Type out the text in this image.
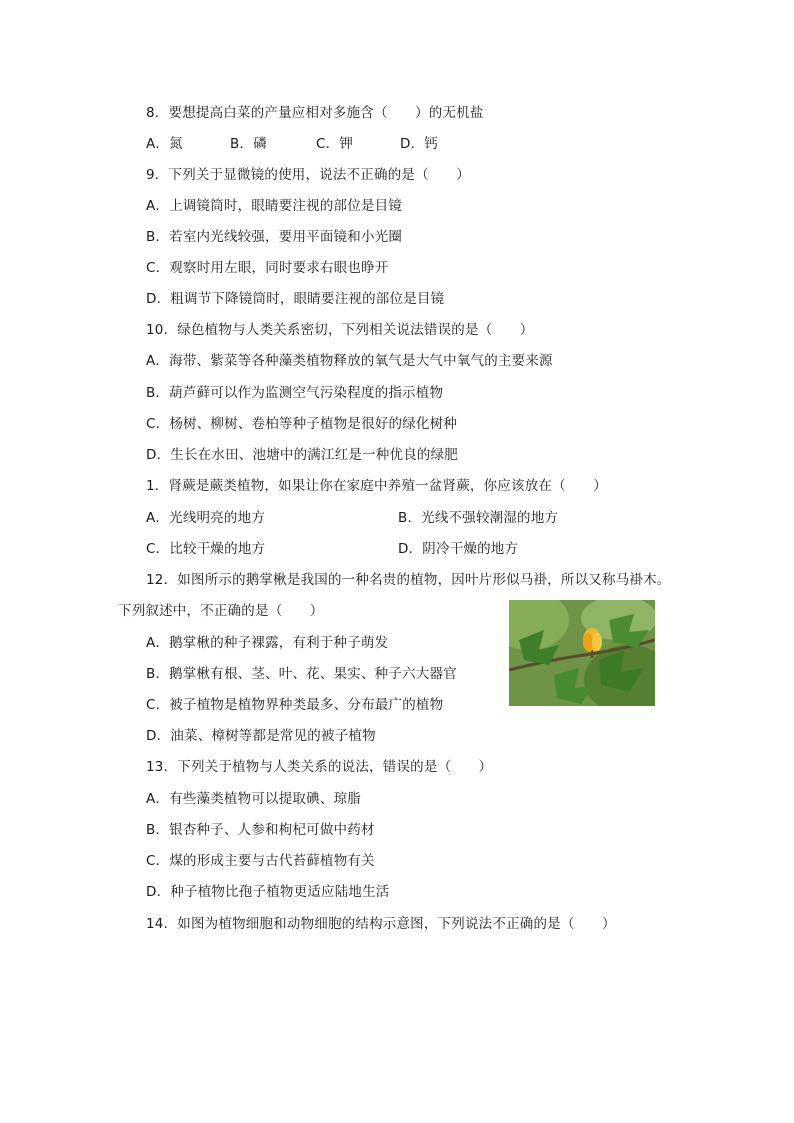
8．要想提高白菜的产量应相对多施含（　　）的无机盐
A．氮	B．磷	C．钾	D．钙
9．下列关于显微镜的使用，说法不正确的是（　　）
A．上调镜筒时，眼睛要注视的部位是目镜
B．若室内光线较强，要用平面镜和小光圈
C．观察时用左眼，同时要求右眼也睁开
D．粗调节下降镜筒时，眼睛要注视的部位是目镜
10．绿色植物与人类关系密切，下列相关说法错误的是（　　）
A．海带、紫菜等各种藻类植物释放的氧气是大气中氧气的主要来源
B．葫芦藓可以作为监测空气污染程度的指示植物
C．杨树、柳树、卷柏等种子植物是很好的绿化树种
D．生长在水田、池塘中的满江红是一种优良的绿肥
1．肾蕨是蕨类植物，如果让你在家庭中养殖一盆肾蕨，你应该放在（　　）
A．光线明亮的地方	B．光线不强较潮湿的地方
C．比较干燥的地方	D．阴冷干燥的地方
12．如图所示的鹅掌楸是我国的一种名贵的植物，因叶片形似马褂，所以又称马褂木。
下列叙述中，不正确的是（　　）
A．鹅掌楸的种子裸露，有利于种子萌发
B．鹅掌楸有根、茎、叶、花、果实、种子六大器官
C．被子植物是植物界种类最多、分布最广的植物
D．油菜、樟树等都是常见的被子植物
13．下列关于植物与人类关系的说法，错误的是（　　）
A．有些藻类植物可以提取碘、琼脂
B．银杏种子、人参和枸杞可做中药材
C．煤的形成主要与古代苔藓植物有关
D．种子植物比孢子植物更适应陆地生活
14．如图为植物细胞和动物细胞的结构示意图，下列说法不正确的是（　　）
